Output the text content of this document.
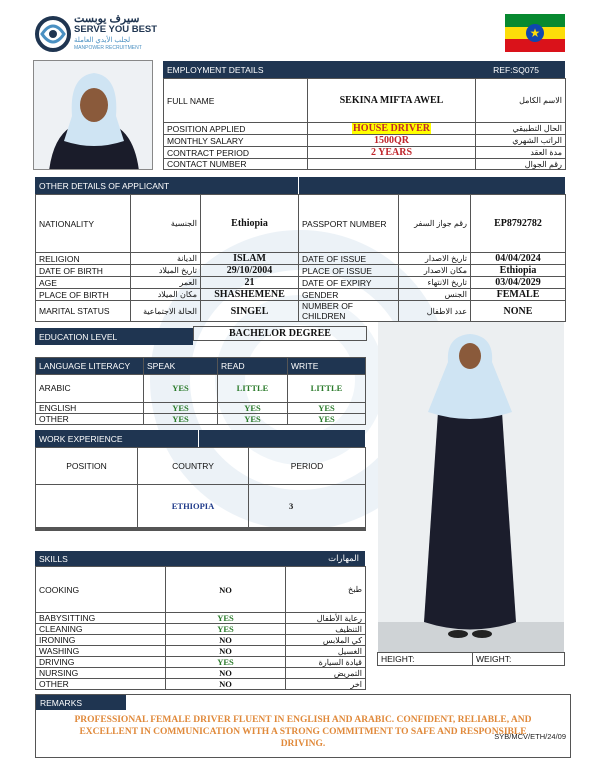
سيرف يوبست
SERVE YOU BEST
لجلب الأيدي العاملة
MANPOWER RECRUITMENT
★
EMPLOYMENT DETAILS	REF:SQ075
FULL NAME	SEKINA MIFTA AWEL	الاسم الكامل
POSITION APPLIED	HOUSE DRIVER	الحال التطبيقي
MONTHLY SALARY	1500QR	الراتب الشهري
CONTRACT PERIOD	2 YEARS	مدة العقد
CONTACT NUMBER		رقم الجوال
OTHER DETAILS OF APPLICANT
NATIONALITY	الجنسية	Ethiopia	PASSPORT NUMBER	رقم جواز السفر	EP8792782
RELIGION	الديانة	ISLAM	DATE OF ISSUE	تاريخ الاصدار	04/04/2024
DATE OF BIRTH	تاريخ الميلاد	29/10/2004	PLACE OF ISSUE	مكان الاصدار	Ethiopia
AGE	العمر	21	DATE OF EXPIRY	تاريخ الانتهاء	03/04/2029
PLACE OF BIRTH	مكان الميلاد	SHASHEMENE	GENDER	الجنس	FEMALE
MARITAL STATUS	الحالة الاجتماعية	SINGEL	NUMBER OF CHILDREN	عدد الاطفال	NONE
EDUCATION LEVEL	BACHELOR DEGREE
LANGUAGE LITERACY	SPEAK	READ	WRITE
ARABIC	YES	LITTLE	LITTLE
ENGLISH	YES	YES	YES
OTHER	YES	YES	YES
WORK EXPERIENCE
POSITION	COUNTRY	PERIOD
	ETHIOPIA	3

SKILLS	المهارات
COOKING	NO	طبخ
BABYSITTING	YES	رعاية الأطفال
CLEANING	YES	التنظيف
IRONING	NO	كي الملابس
WASHING	NO	الغسيل
DRIVING	YES	قيادة السيارة
NURSING	NO	التمريض
OTHER	NO	اخر
HEIGHT:	WEIGHT:
REMARKS
PROFESSIONAL FEMALE DRIVER FLUENT IN ENGLISH AND ARABIC. CONFIDENT, RELIABLE, AND EXCELLENT IN COMMUNICATION WITH A STRONG COMMITMENT TO SAFE AND RESPONSIBLE DRIVING.
SYB/MCV/ETH/24/09
